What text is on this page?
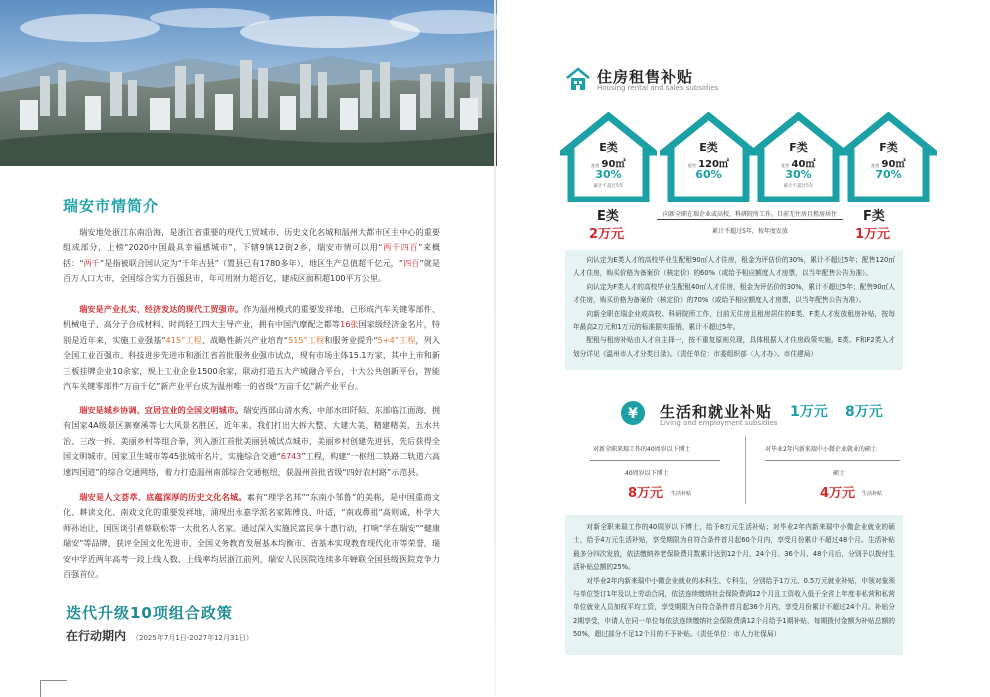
瑞安市情简介
瑞安地处浙江东南沿海，是浙江省重要的现代工贸城市、历史文化名城和温州大都市区主中心的重要组成部分，上榜“2020中国最具幸福感城市”，下辖9镇12街2乡，瑞安市情可以用“两千四百”来概括：“两千”是指被联合国认定为“千年古县”（置县已有1780多年），地区生产总值超千亿元，“四百”就是百万人口大市，全国综合实力百强县市，年可用财力超百亿，建成区面积超100平方公里。
瑞安是产业扎实、经济发达的现代工贸强市。作为温州模式的重要发祥地，已形成汽车关键零部件、机械电子、高分子合成材料、时尚轻工四大主导产业，拥有中国汽摩配之都等16张国家级经济金名片，特别是近年来，实施工业强基“415”工程、战略性新兴产业培育“515”工程和服务业提升“5+4”工程，列入全国工业百强市、科技进步先进市和浙江省首批服务业强市试点，现有市场主体15.1万家，其中上市和新三板挂牌企业10余家，规上工业企业1500余家，联动打造五大产城融合平台，十大公共创新平台，智能汽车关键零部件“万亩千亿”新产业平台成为温州唯一的省级“万亩千亿”新产业平台。
瑞安是城乡协调、宜居宜业的全国文明城市。瑞安西部山清水秀、中部水田阡陌、东部临江面海，拥有国家4A级景区寨寮溪等七大风景名胜区，近年来，我们打出大拆大整、大建大美、精建精美，五水共治、三改一拆、美丽乡村等组合拳，列入浙江首批美丽县城试点城市，美丽乡村创建先进县，先后获得全国文明城市、国家卫生城市等45张城市名片，实施综合交通“6743”工程，构建“一枢纽二铁路二轨道六高速四国道”的综合交通网络，着力打造温州南部综合交通枢纽，获温州首批省级“四好农村路”示范县。
瑞安是人文荟萃、底蕴深厚的历史文化名城。素有“理学名邦”“东南小邹鲁”的美称，是中国重商文化、耕读文化、南戏文化的重要发祥地，涌现出永嘉学派名家陈傅良、叶适，“南戏鼻祖”高则诚，朴学大师孙诒让，国医谈引者蔡联松等一大批名人名家。通过深入实施民富民享十惠行动，打响“学在瑞安”“健康瑞安”等品牌，获评全国文化先进市、全国义务教育发展基本均衡市、省基本实现教育现代化市等荣誉，瑞安中学近两年高考一段上线人数、上线率均居浙江前列，瑞安人民医院连续多年蝉联全国县级医院竞争力百强首位。
迭代升级10项组合政策
在行动期内 （2025年7月1日-2027年12月31日）
住房租售补贴
Housing rental and sales subsidies
E类
配售 90㎡
30%
累计不超过5年
E类
配售 120㎡
60%
F类
配售 40㎡
30%
累计不超过5年
F类
配售 90㎡
70%
E类
2万元
向新全职在瑞企业或高校、科研院所工作，目前无住房且租房居住
累计不超过5年，按年度发放
F类
1万元

向认定为E类人才的高校毕业生配租90㎡人才住房，租金为评估价的30%，累计不超过5年；配售120㎡人才住房，购买价格为备案价（核定价）的60%（或给予相应额度人才房票，以当年配售公告为准）。

向认定为F类人才的高校毕业生配租40㎡人才住房，租金为评估价的30%，累计不超过5年；配售90㎡人才住房，购买价格为备案价（核定价）的70%（或给予相应额度人才房票，以当年配售公告为准）。

向新全职在瑞企业或高校、科研院所工作，目前无住房且租房居住的E类、F类人才发放租房补贴，按每年最高2万元和1万元的标准据实报销，累计不超过5年。

配租与租房补贴由人才自主择一，按不重复原则兑现，具体根据人才住房政策实施，E类、F和F2类人才划分详见《温州市人才分类目录》。（责任单位：市委组织部〈人才办〉、市住建局）

¥ 生活和就业补贴
Living and employment subsidies
1万元 8万元
对新全职来瑞工作的40周岁以下博士
40周岁以下博士
8万元 生活补贴
对毕业2年内新来瑞中小微企业就业的硕士
硕士
4万元 生活补贴

对新全职来瑞工作的40周岁以下博士，给予8万元生活补贴；对毕业2年内新来瑞中小微企业就业的硕士，给予4万元生活补贴，享受期限为自符合条件首月起60个月内，享受月份累计不超过48个月。生活补贴最多分四次发放，依法缴纳养老保险费月数累计达到12个月、24个月、36个月、48个月后，分别予以拨付生活补贴总额的25%。

对毕业2年内新来瑞中小微企业就业的本科生、专科生，分别给予1万元、0.5万元就业补贴，申领对象须与单位签订1年及以上劳动合同，依法连续缴纳社会保险费满12个月且工资收入低于全省上年度非私营和私营单位就业人员加权平均工资，享受期限为自符合条件首月起36个月内，享受月份累计不超过24个月。补贴分2期享受，申请人在同一单位每依法连续缴纳社会保险费满12个月给予1期补贴，每期拨付金额为补贴总额的50%，超过部分不足12个月的不予补贴。（责任单位：市人力社保局）
